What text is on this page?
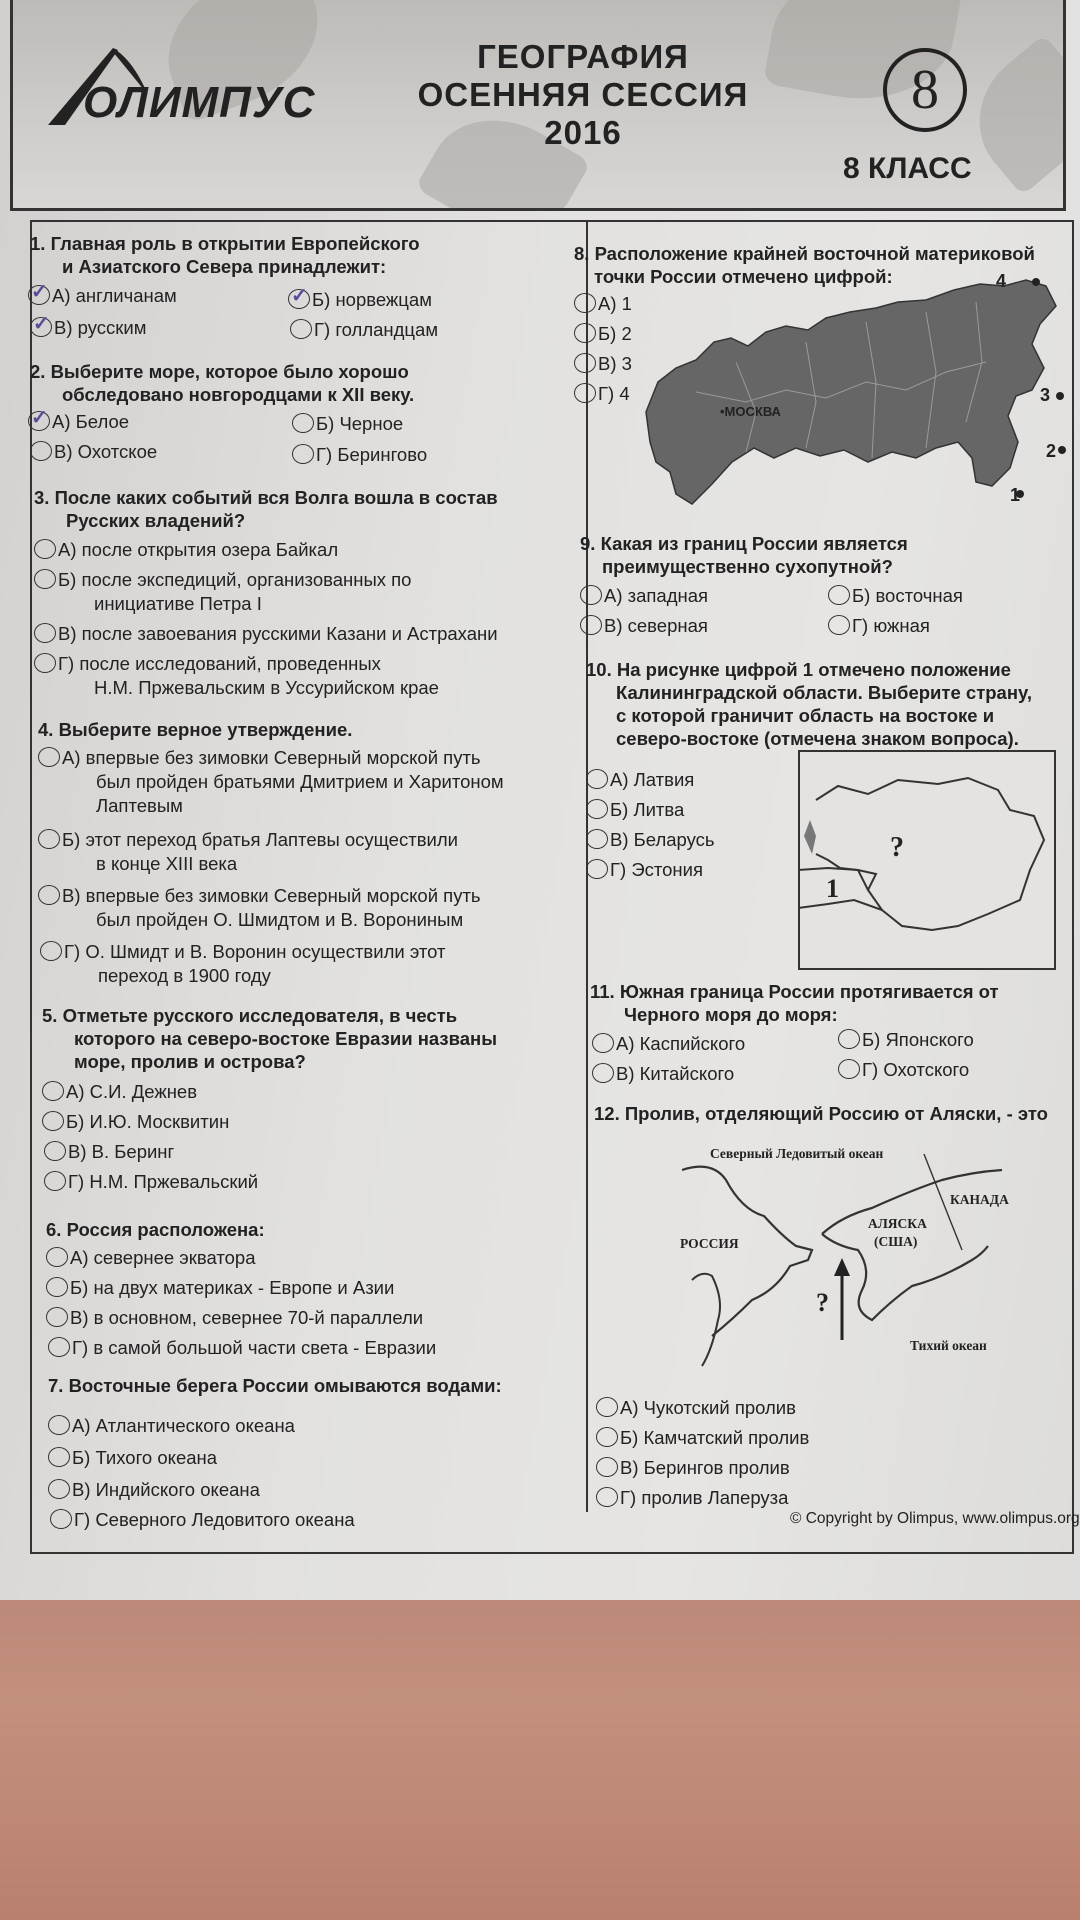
ОЛИМПУС
ГЕОГРАФИЯ
ОСЕННЯЯ СЕССИЯ
2016
8
8 КЛАСС
1. Главная роль в открытии Европейского
и Азиатского Севера принадлежит:
✓А) англичанам
✓	Б) норвежцам
✓В) русским	Г) голландцам
2. Выберите море, которое было хорошо
обследовано новгородцами к XII веку.
✓А) Белое	Б) Черное
В) Охотское	Г) Берингово
3. После каких событий вся Волга вошла в состав
Русских владений?
А) после открытия озера Байкал
Б) после экспедиций, организованных по
инициативе Петра I
В) после завоевания русскими Казани и Астрахани
Г) после исследований, проведенных
Н.М. Пржевальским в Уссурийском крае
4. Выберите верное утверждение.
А) впервые без зимовки Северный морской путь
был пройден братьями Дмитрием и Харитоном
Лаптевым
Б) этот переход братья Лаптевы осуществили
в конце XIII века
В) впервые без зимовки Северный морской путь
был пройден О. Шмидтом и В. Ворониным
Г) О. Шмидт и В. Воронин осуществили этот
переход в 1900 году
5. Отметьте русского исследователя, в честь
которого на северо-востоке Евразии названы
море, пролив и острова?
А) С.И. Дежнев
Б) И.Ю. Москвитин
В) В. Беринг
Г) Н.М. Пржевальский
6. Россия расположена:
А) севернее экватора
Б) на двух материках - Европе и Азии
В) в основном, севернее 70-й параллели
Г) в самой большой части света - Евразии
7. Восточные берега России омываются водами:
А) Атлантического океана
Б) Тихого океана
В) Индийского океана
Г) Северного Ледовитого океана
8. Расположение крайней восточной материковой
точки России отмечено цифрой:
А) 1
Б) 2
В) 3
Г) 4
•МОСКВА
4
3
2
1
9. Какая из границ России является
преимущественно сухопутной?
А) западная	Б) восточная
В) северная	Г) южная
10. На рисунке цифрой 1 отмечено положение
Калининградской области. Выберите страну,
с которой граничит область на востоке и
северо-востоке (отмечена знаком вопроса).
А) Латвия
Б) Литва
В) Беларусь
Г) Эстония
1
?
11. Южная граница России протягивается от
Черного моря до моря:
А) Каспийского	Б) Японского
В) Китайского	Г) Охотского
12. Пролив, отделяющий Россию от Аляски, - это
Северный Ледовитый океан
РОССИЯ
АЛЯСКА
(США)
КАНАДА
Тихий океан
?
А) Чукотский пролив
Б) Камчатский пролив
В) Берингов пролив
Г) пролив Лаперуза
© Copyright by Olimpus, www.olimpus.org
